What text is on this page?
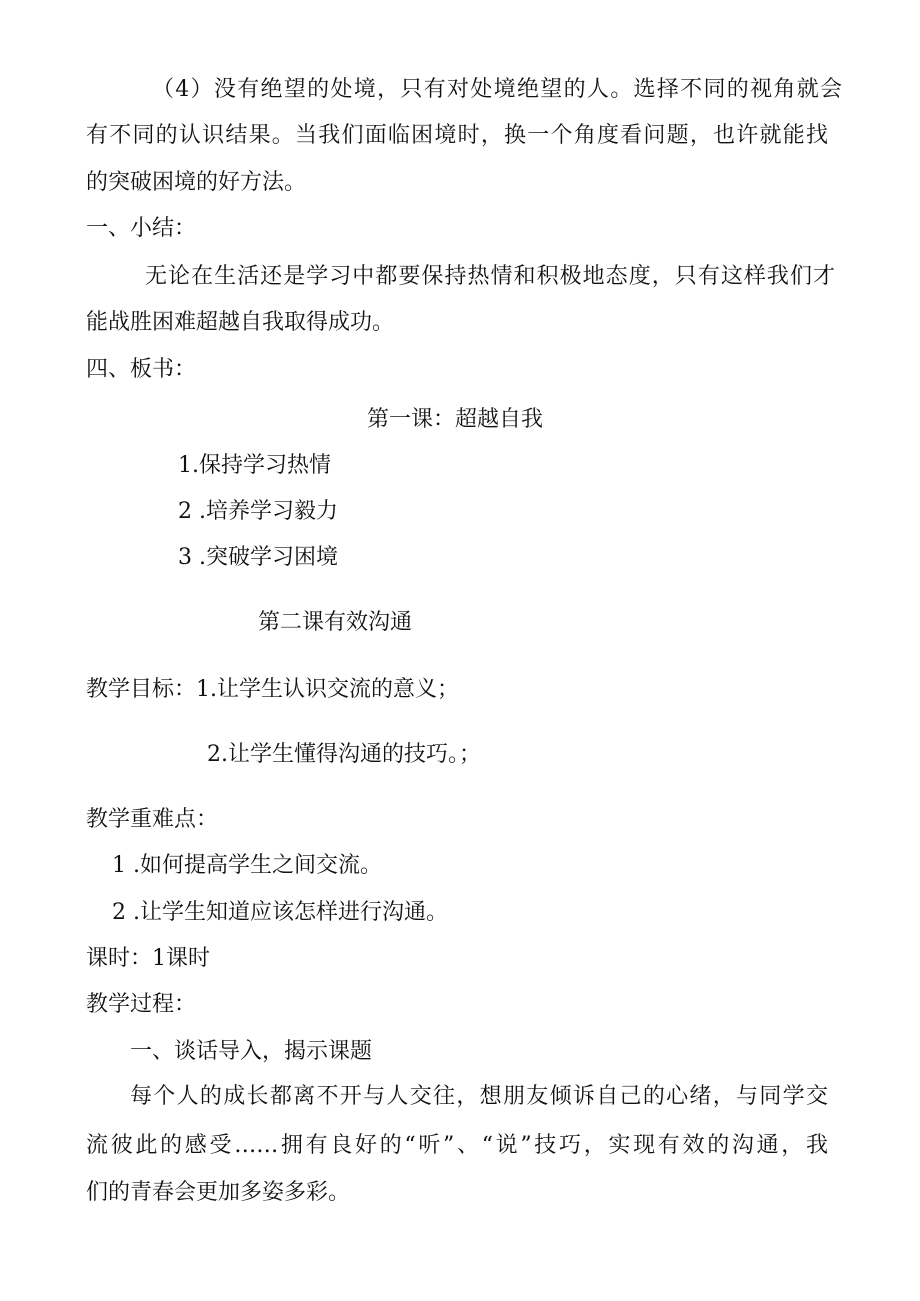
（4）没有绝望的处境，只有对处境绝望的人。选择不同的视角就会
有不同的认识结果。当我们面临困境时，换一个角度看问题，也许就能找
的突破困境的好方法。
一、小结：
无论在生活还是学习中都要保持热情和积极地态度，只有这样我们才
能战胜困难超越自我取得成功。
四、板书：
第一课：超越自我
1.保持学习热情
2 .培养学习毅力
3 .突破学习困境
第二课有效沟通
教学目标：1.让学生认识交流的意义；
2.让学生懂得沟通的技巧。；
教学重难点：
1 .如何提高学生之间交流。
2 .让学生知道应该怎样进行沟通。
课时：1课时
教学过程：
一、谈话导入，揭示课题
每个人的成长都离不开与人交往，想朋友倾诉自己的心绪，与同学交
流彼此的感受……拥有良好的“听”、“说”技巧，实现有效的沟通，我
们的青春会更加多姿多彩。
